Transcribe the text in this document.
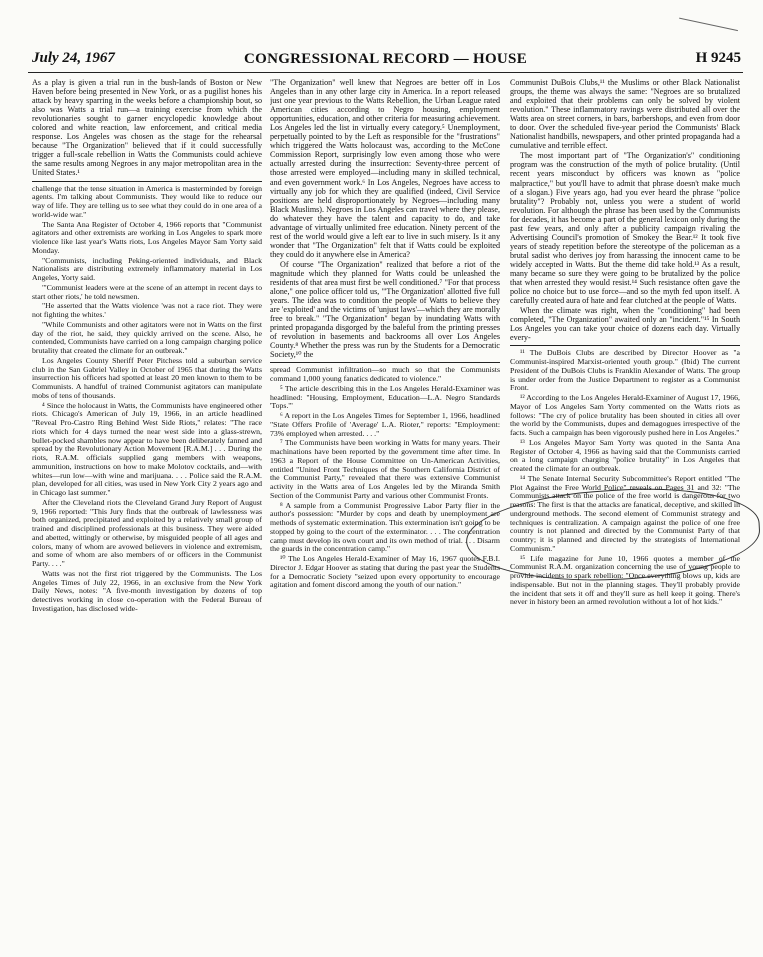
July 24, 1967	CONGRESSIONAL RECORD — HOUSE	H 9245

As a play is given a trial run in the bush-lands of Boston or New Haven before being presented in New York, or as a pugilist hones his attack by heavy sparring in the weeks before a championship bout, so also was Watts a trial run—a training exercise from which the revolutionaries sought to garner encyclopedic knowledge about colored and white reaction, law enforcement, and critical media response. Los Angeles was chosen as the stage for the rehearsal because "The Organization" believed that if it could successfully trigger a full-scale rebellion in Watts the Communists could achieve the same results among Negroes in any major metropolitan area in the United States.¹

challenge that the tense situation in America is masterminded by foreign agents. I'm talking about Communists. They would like to reduce our way of life. They are telling us to see what they could do in one area of a world-wide war."

The Santa Ana Register of October 4, 1966 reports that "Communist agitators and other extremists are working in Los Angeles to spark more violence like last year's Watts riots, Los Angeles Mayor Sam Yorty said Monday.

"Communists, including Peking-oriented individuals, and Black Nationalists are distributing extremely inflammatory material in Los Angeles, Yorty said.

"'Communist leaders were at the scene of an attempt in recent days to start other riots,' he told newsmen.

"He asserted that the Watts violence 'was not a race riot. They were not fighting the whites.'

"While Communists and other agitators were not in Watts on the first day of the riot, he said, they quickly arrived on the scene. Also, he contended, Communists have carried on a long campaign charging police brutality that created the climate for an outbreak."

Los Angeles County Sheriff Peter Pitchess told a suburban service club in the San Gabriel Valley in October of 1965 that during the Watts insurrection his officers had spotted at least 20 men known to them to be Communists. A handful of trained Communist agitators can manipulate mobs of tens of thousands.

⁴ Since the holocaust in Watts, the Communists have engineered other riots. Chicago's American of July 19, 1966, in an article headlined "Reveal Pro-Castro Ring Behind West Side Riots," relates: "The race riots which for 4 days turned the near west side into a glass-strewn, bullet-pocked shambles now appear to have been deliberately fanned and spread by the Revolutionary Action Movement [R.A.M.] . . . During the riots, R.A.M. officials supplied gang members with weapons, ammunition, instructions on how to make Molotov cocktails, and—with whites—run low—with wine and marijuana. . . . Police said the R.A.M. plan, developed for all cities, was used in New York City 2 years ago and in Chicago last summer."

After the Cleveland riots the Cleveland Grand Jury Report of August 9, 1966 reported: "This Jury finds that the outbreak of lawlessness was both organized, precipitated and exploited by a relatively small group of trained and disciplined professionals at this business. They were aided and abetted, wittingly or otherwise, by misguided people of all ages and colors, many of whom are avowed believers in violence and extremism, and some of whom are also members of or officers in the Communist Party. . . ."

Watts was not the first riot triggered by the Communists. The Los Angeles Times of July 22, 1966, in an exclusive from the New York Daily News, notes: "A five-month investigation by dozens of top detectives working in close co-operation with the Federal Bureau of Investigation, has disclosed wide-

"The Organization" well knew that Negroes are better off in Los Angeles than in any other large city in America. In a report released just one year previous to the Watts Rebellion, the Urban League rated American cities according to Negro housing, employment opportunities, education, and other criteria for measuring achievement. Los Angeles led the list in virtually every category.⁵ Unemployment, perpetually pointed to by the Left as responsible for the "frustrations" which triggered the Watts holocaust was, according to the McCone Commission Report, surprisingly low even among those who were actually arrested during the insurrection: Seventy-three percent of those arrested were employed—including many in skilled technical, and even government work.⁶ In Los Angeles, Negroes have access to virtually any job for which they are qualified (indeed, Civil Service positions are held disproportionately by Negroes—including many Black Muslims). Negroes in Los Angeles can travel where they please, do whatever they have the talent and capacity to do, and take advantage of virtually unlimited free education. Ninety percent of the rest of the world would give a left ear to live in such misery. Is it any wonder that "The Organization" felt that if Watts could be exploited they could do it anywhere else in America?

Of course "The Organization" realized that before a riot of the magnitude which they planned for Watts could be unleashed the residents of that area must first be well conditioned.⁷ "For that process alone," one police officer told us, "'The Organization' allotted five full years. The idea was to condition the people of Watts to believe they are 'exploited' and the victims of 'unjust laws'—which they are morally free to break." "The Organization" began by inundating Watts with printed propaganda disgorged by the baleful from the printing presses of revolution in basements and backrooms all over Los Angeles County.⁸ Whether the press was run by the Students for a Democratic Society,¹⁰ the

spread Communist infiltration—so much so that the Communists command 1,000 young fanatics dedicated to violence."

⁵ The article describing this in the Los Angeles Herald-Examiner was headlined: "Housing, Employment, Education—L.A. Negro Standards 'Tops.'"

⁶ A report in the Los Angeles Times for September 1, 1966, headlined "State Offers Profile of 'Average' L.A. Rioter," reports: "Employment: 73% employed when arrested. . . ."

⁷ The Communists have been working in Watts for many years. Their machinations have been reported by the government time after time. In 1963 a Report of the House Committee on Un-American Activities, entitled "United Front Techniques of the Southern California District of the Communist Party," revealed that there was extensive Communist activity in the Watts area of Los Angeles led by the Miranda Smith Section of the Communist Party and various other Communist Fronts.

⁸ A sample from a Communist Progressive Labor Party flier in the author's possession: "Murder by cops and death by unemployment are methods of systematic extermination. This extermination isn't going to be stopped by going to the court of the exterminator. . . . The concentration camp must develop its own court and its own method of trial. . . . Disarm the guards in the concentration camp."

¹⁰ The Los Angeles Herald-Examiner of May 16, 1967 quotes F.B.I. Director J. Edgar Hoover as stating that during the past year the Students for a Democratic Society "seized upon every opportunity to encourage agitation and foment discord among the youth of our nation."

Communist DuBois Clubs,¹¹ the Muslims or other Black Nationalist groups, the theme was always the same: "Negroes are so brutalized and exploited that their problems can only be solved by violent revolution." These inflammatory ravings were distributed all over the Watts area on street corners, in bars, barbershops, and even from door to door. Over the scheduled five-year period the Communists' Black Nationalist handbills, newspapers, and other printed propaganda had a cumulative and terrible effect.

The most important part of "The Organization's" conditioning program was the construction of the myth of police brutality. (Until recent years misconduct by officers was known as "police malpractice," but you'll have to admit that phrase doesn't make much of a slogan.) Five years ago, had you ever heard the phrase "police brutality"? Probably not, unless you were a student of world revolution. For although the phrase has been used by the Communists for decades, it has become a part of the general lexicon only during the past few years, and only after a publicity campaign rivaling the Advertising Council's promotion of Smokey the Bear.¹² It took five years of steady repetition before the stereotype of the policeman as a brutal sadist who derives joy from harassing the innocent came to be widely accepted in Watts. But the theme did take hold.¹³ As a result, many became so sure they were going to be brutalized by the police that when arrested they would resist.¹⁴ Such resistance often gave the police no choice but to use force—and so the myth fed upon itself. A carefully created aura of hate and fear clutched at the people of Watts.

When the climate was right, when the "conditioning" had been completed, "The Organization" awaited only an "incident."¹⁵ In South Los Angeles you can take your choice of dozens each day. Virtually every-

¹¹ The DuBois Clubs are described by Director Hoover as "a Communist-inspired Marxist-oriented youth group." (Ibid) The current President of the DuBois Clubs is Franklin Alexander of Watts. The group is under order from the Justice Department to register as a Communist Front.

¹² According to the Los Angeles Herald-Examiner of August 17, 1966, Mayor of Los Angeles Sam Yorty commented on the Watts riots as follows: "The cry of police brutality has been shouted in cities all over the world by the Communists, dupes and demagogues irrespective of the facts. Such a campaign has been vigorously pushed here in Los Angeles."

¹³ Los Angeles Mayor Sam Yorty was quoted in the Santa Ana Register of October 4, 1966 as having said that the Communists carried on a long campaign charging "police brutality" in Los Angeles that created the climate for an outbreak.

¹⁴ The Senate Internal Security Subcommittee's Report entitled "The Plot Against the Free World Police" reveals on Pages 31 and 32: "The Communists attack on the police of the free world is dangerous for two reasons: The first is that the attacks are fanatical, deceptive, and skilled in underground methods. The second element of Communist strategy and techniques is centralization. A campaign against the police of one free country is not planned and directed by the Communist Party of that country; it is planned and directed by the strategists of International Communism."

¹⁵ Life magazine for June 10, 1966 quotes a member of the Communist R.A.M. organization concerning the use of young people to provide incidents to spark rebellion: "Once everything blows up, kids are indispensable. But not in the planning stages. They'll probably provide the incident that sets it off and they'll sure as hell keep it going. There's never in history been an armed revolution without a lot of hot kids."
